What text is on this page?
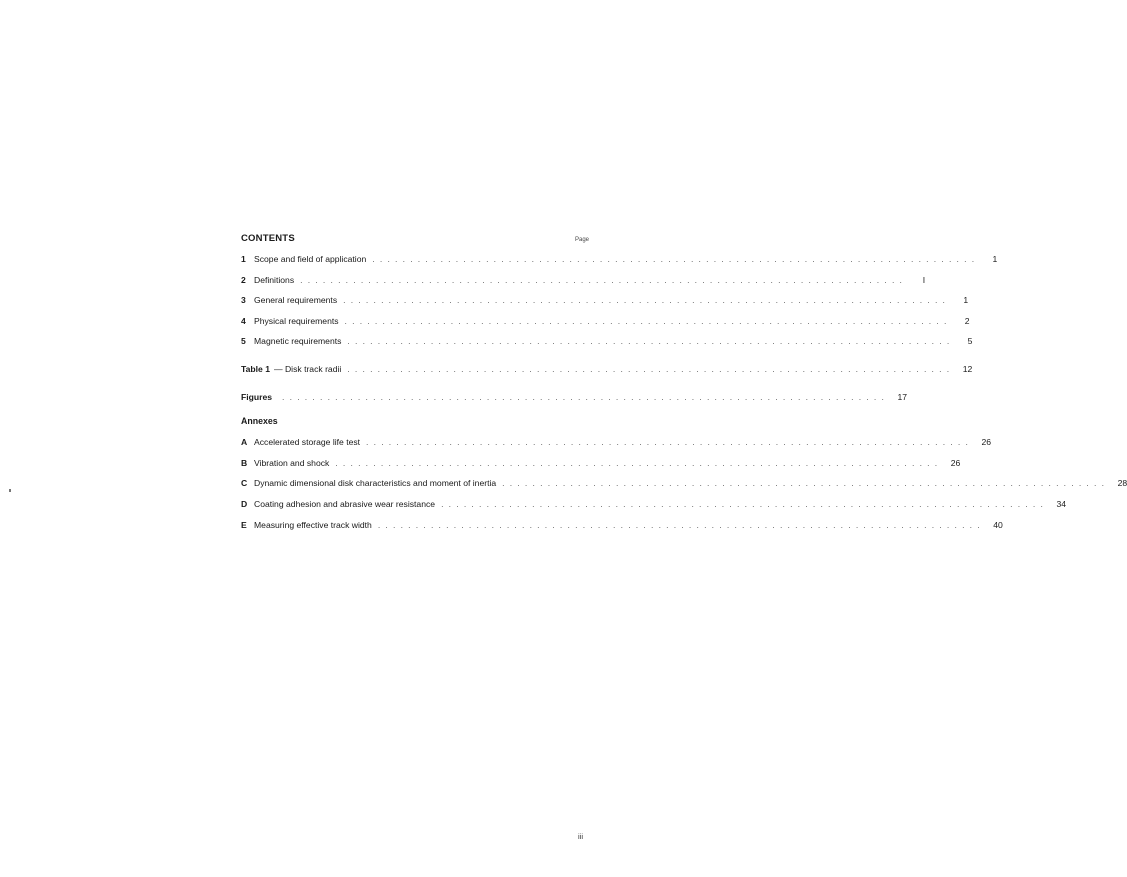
CONTENTS	Page
1 Scope and field of application ................................................................................	1
2 Definitions ................................................................................	I
3 General requirements ................................................................................	1
4 Physical requirements ................................................................................	2
5 Magnetic requirements ................................................................................	5
Table 1 — Disk track radii ................................................................................ 12
Figures	................................................................................ 17
Annexes
A Accelerated storage life test ................................................................................ 26
B Vibration and shock ................................................................................ 26
C Dynamic dimensional disk characteristics and moment of inertia ................................................................................ 28
D Coating adhesion and abrasive wear resistance ................................................................................ 34
E Measuring effective track width ................................................................................ 40
iii
